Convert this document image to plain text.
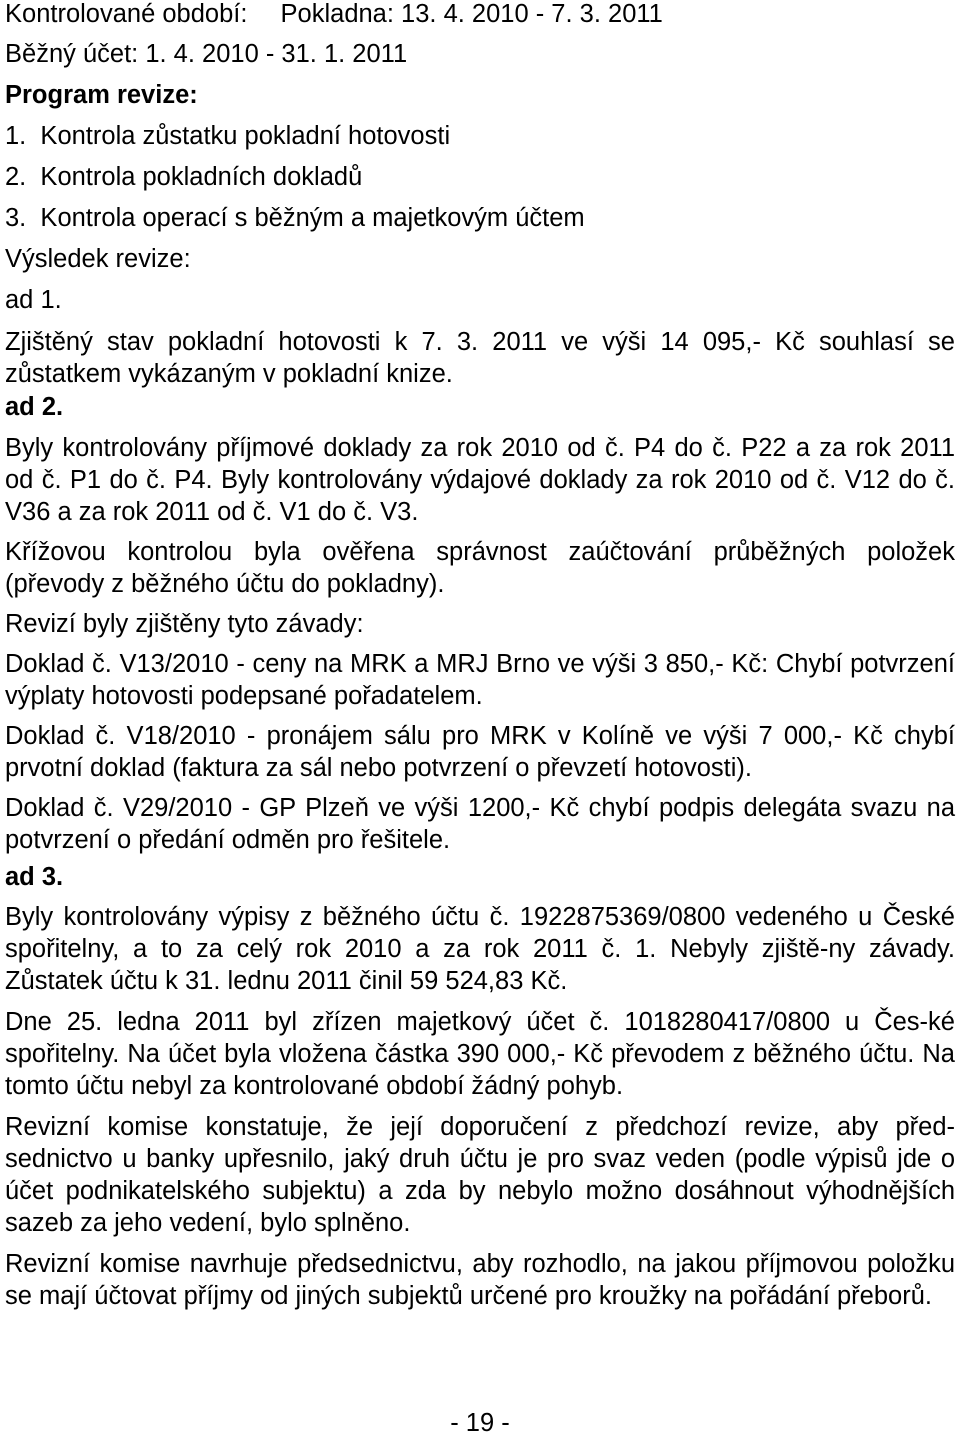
Kontrolované období: Pokladna: 13. 4. 2010 - 7. 3. 2011
Běžný účet: 1. 4. 2010 - 31. 1. 2011
Program revize:
1.  Kontrola zůstatku pokladní hotovosti
2.  Kontrola pokladních dokladů
3.  Kontrola operací s běžným a majetkovým účtem
Výsledek revize:
ad 1.
Zjištěný stav pokladní hotovosti k 7. 3. 2011 ve výši 14 095,- Kč souhlasí se zůstatkem vykázaným v pokladní knize.
ad 2.
Byly kontrolovány příjmové doklady za rok 2010 od č. P4 do č. P22 a za rok 2011 od č. P1 do č. P4. Byly kontrolovány výdajové doklady za rok 2010 od č. V12 do č. V36 a za rok 2011 od č. V1 do č. V3.
Křížovou kontrolou byla ověřena správnost zaúčtování průběžných položek (převody z běžného účtu do pokladny).
Revizí byly zjištěny tyto závady:
Doklad č. V13/2010 - ceny na MRK a MRJ Brno ve výši 3 850,- Kč: Chybí potvrzení výplaty hotovosti podepsané pořadatelem.
Doklad č. V18/2010 - pronájem sálu pro MRK v Kolíně ve výši 7 000,- Kč chybí prvotní doklad (faktura za sál nebo potvrzení o převzetí hotovosti).
Doklad č. V29/2010 - GP Plzeň ve výši 1200,- Kč chybí podpis delegáta svazu na potvrzení o předání odměn pro řešitele.
ad 3.
Byly kontrolovány výpisy z běžného účtu č. 1922875369/0800 vedeného u České spořitelny, a to za celý rok 2010 a za rok 2011 č. 1. Nebyly zjiště-ny závady. Zůstatek účtu k 31. lednu 2011 činil 59 524,83 Kč.
Dne 25. ledna 2011 byl zřízen majetkový účet č. 1018280417/0800 u Čes-ké spořitelny. Na účet byla vložena částka 390 000,- Kč převodem z běžného účtu. Na tomto účtu nebyl za kontrolované období žádný pohyb.
Revizní komise konstatuje, že její doporučení z předchozí revize, aby před-sednictvo u banky upřesnilo, jaký druh účtu je pro svaz veden (podle výpisů jde o účet podnikatelského subjektu) a zda by nebylo možno dosáhnout výhodnějších sazeb za jeho vedení, bylo splněno.
Revizní komise navrhuje předsednictvu, aby rozhodlo, na jakou příjmovou položku se mají účtovat příjmy od jiných subjektů určené pro kroužky na pořádání přeborů.
- 19 -
